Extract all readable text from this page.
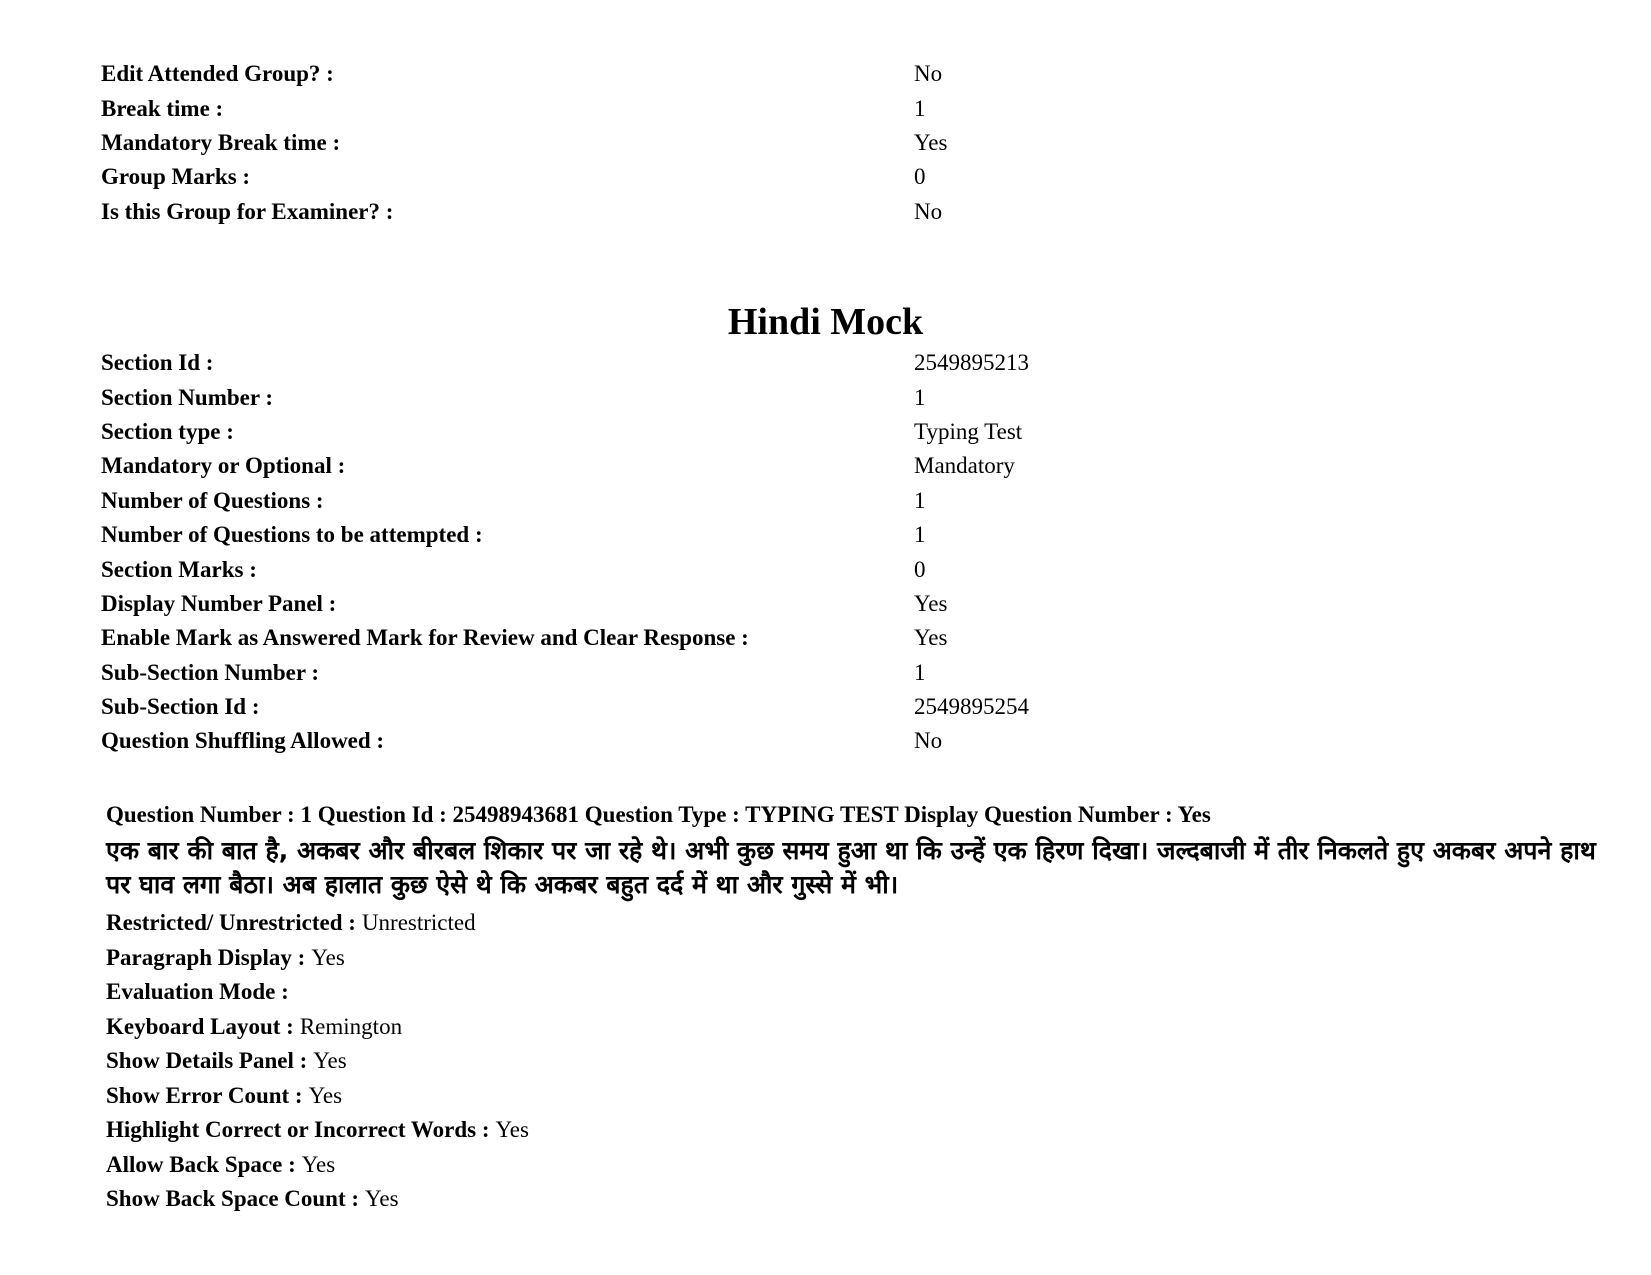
Edit Attended Group? :	No
Break time :	1
Mandatory Break time :	Yes
Group Marks :	0
Is this Group for Examiner? :	No
Hindi Mock
Section Id :	2549895213
Section Number :	1
Section type :	Typing Test
Mandatory or Optional :	Mandatory
Number of Questions :	1
Number of Questions to be attempted :	1
Section Marks :	0
Display Number Panel :	Yes
Enable Mark as Answered Mark for Review and Clear Response :	Yes
Sub-Section Number :	1
Sub-Section Id :	2549895254
Question Shuffling Allowed :	No
Question Number : 1 Question Id : 25498943681 Question Type : TYPING TEST Display Question Number : Yes

एक बार की बात है, अकबर और बीरबल शिकार पर जा रहे थे। अभी कुछ समय हुआ था कि उन्हें एक हिरण दिखा। जल्दबाजी में तीर निकलते हुए अकबर अपने हाथ पर घाव लगा बैठा। अब हालात कुछ ऐसे थे कि अकबर बहुत दर्द में था और गुस्से में भी।

Restricted/ Unrestricted : Unrestricted
Paragraph Display : Yes
Evaluation Mode :
Keyboard Layout : Remington
Show Details Panel : Yes
Show Error Count : Yes
Highlight Correct or Incorrect Words : Yes
Allow Back Space : Yes
Show Back Space Count : Yes
